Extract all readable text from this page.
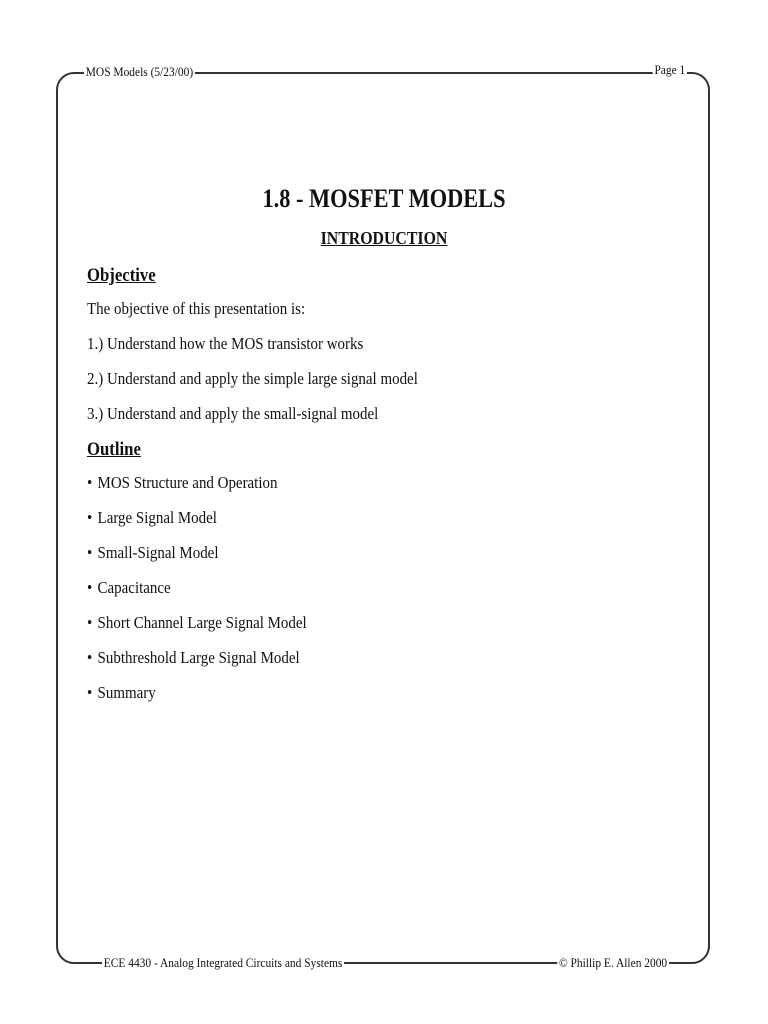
MOS Models (5/23/00)	Page 1
1.8 - MOSFET MODELS
INTRODUCTION
Objective
The objective of this presentation is:
1.) Understand how the MOS transistor works
2.) Understand and apply the simple large signal model
3.) Understand and apply the small-signal model
Outline
• MOS Structure and Operation
• Large Signal Model
• Small-Signal Model
• Capacitance
• Short Channel Large Signal Model
• Subthreshold Large Signal Model
• Summary
ECE 4430 - Analog Integrated Circuits and Systems	© Phillip E. Allen 2000
